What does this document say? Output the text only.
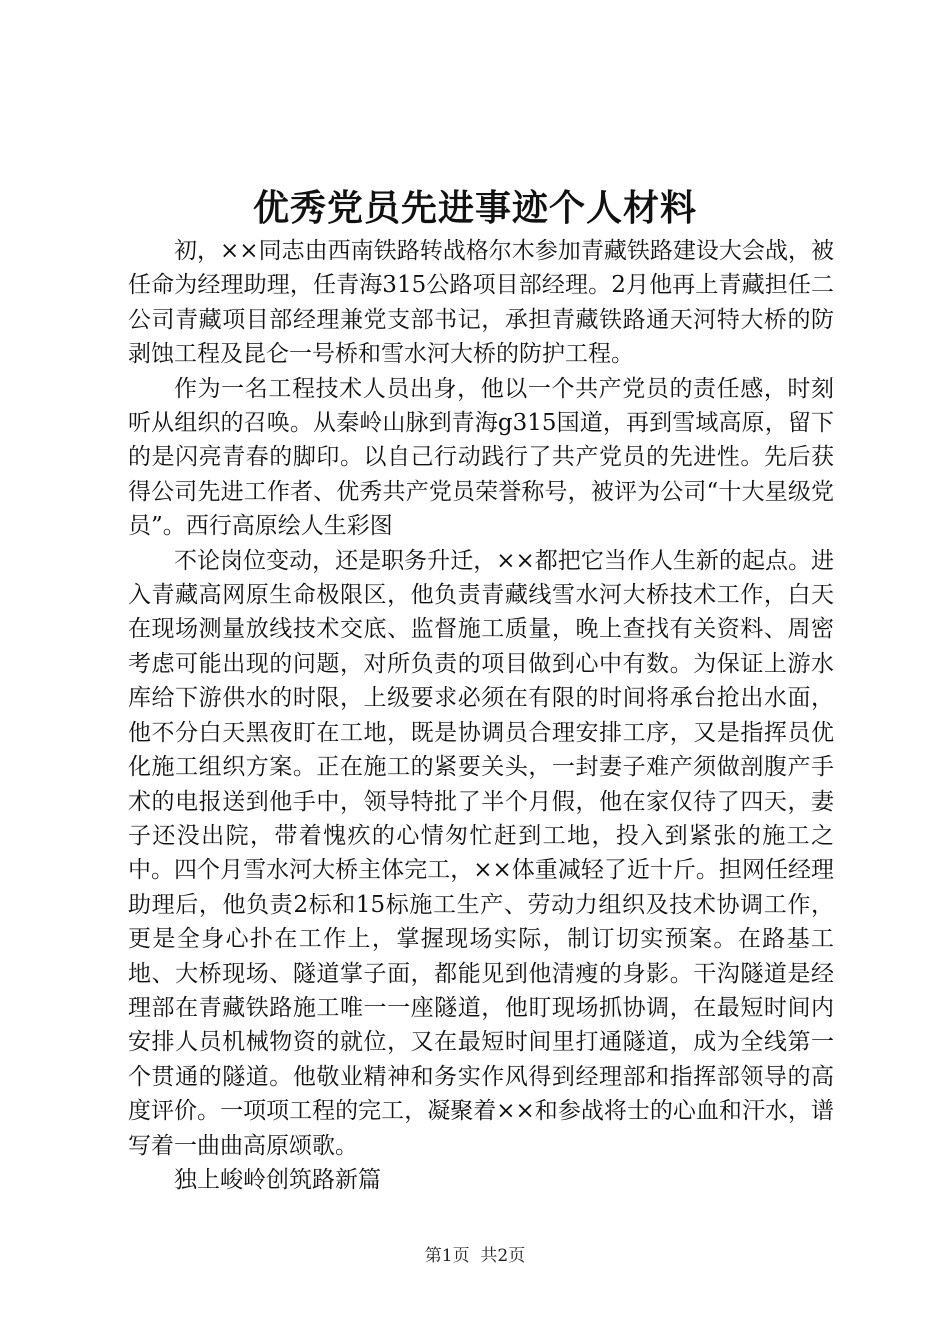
优秀党员先进事迹个人材料

初，××同志由西南铁路转战格尔木参加青藏铁路建设大会战，被任命为经理助理，任青海315公路项目部经理。2月他再上青藏担任二公司青藏项目部经理兼党支部书记，承担青藏铁路通天河特大桥的防剥蚀工程及昆仑一号桥和雪水河大桥的防护工程。

作为一名工程技术人员出身，他以一个共产党员的责任感，时刻听从组织的召唤。从秦岭山脉到青海g315国道，再到雪域高原，留下的是闪亮青春的脚印。以自己行动践行了共产党员的先进性。先后获得公司先进工作者、优秀共产党员荣誉称号，被评为公司“十大星级党员”。西行高原绘人生彩图

不论岗位变动，还是职务升迁，××都把它当作人生新的起点。进入青藏高网原生命极限区，他负责青藏线雪水河大桥技术工作，白天在现场测量放线技术交底、监督施工质量，晚上查找有关资料、周密考虑可能出现的问题，对所负责的项目做到心中有数。为保证上游水库给下游供水的时限，上级要求必须在有限的时间将承台抢出水面，他不分白天黑夜盯在工地，既是协调员合理安排工序，又是指挥员优化施工组织方案。正在施工的紧要关头，一封妻子难产须做剖腹产手术的电报送到他手中，领导特批了半个月假，他在家仅待了四天，妻子还没出院，带着愧疚的心情匆忙赶到工地，投入到紧张的施工之中。四个月雪水河大桥主体完工，××体重减轻了近十斤。担网任经理助理后，他负责2标和15标施工生产、劳动力组织及技术协调工作，更是全身心扑在工作上，掌握现场实际，制订切实预案。在路基工地、大桥现场、隧道掌子面，都能见到他清瘦的身影。干沟隧道是经理部在青藏铁路施工唯一一座隧道，他盯现场抓协调，在最短时间内安排人员机械物资的就位，又在最短时间里打通隧道，成为全线第一个贯通的隧道。他敬业精神和务实作风得到经理部和指挥部领导的高度评价。一项项工程的完工，凝聚着××和参战将士的心血和汗水，谱写着一曲曲高原颂歌。

独上峻岭创筑路新篇

第1页  共2页
